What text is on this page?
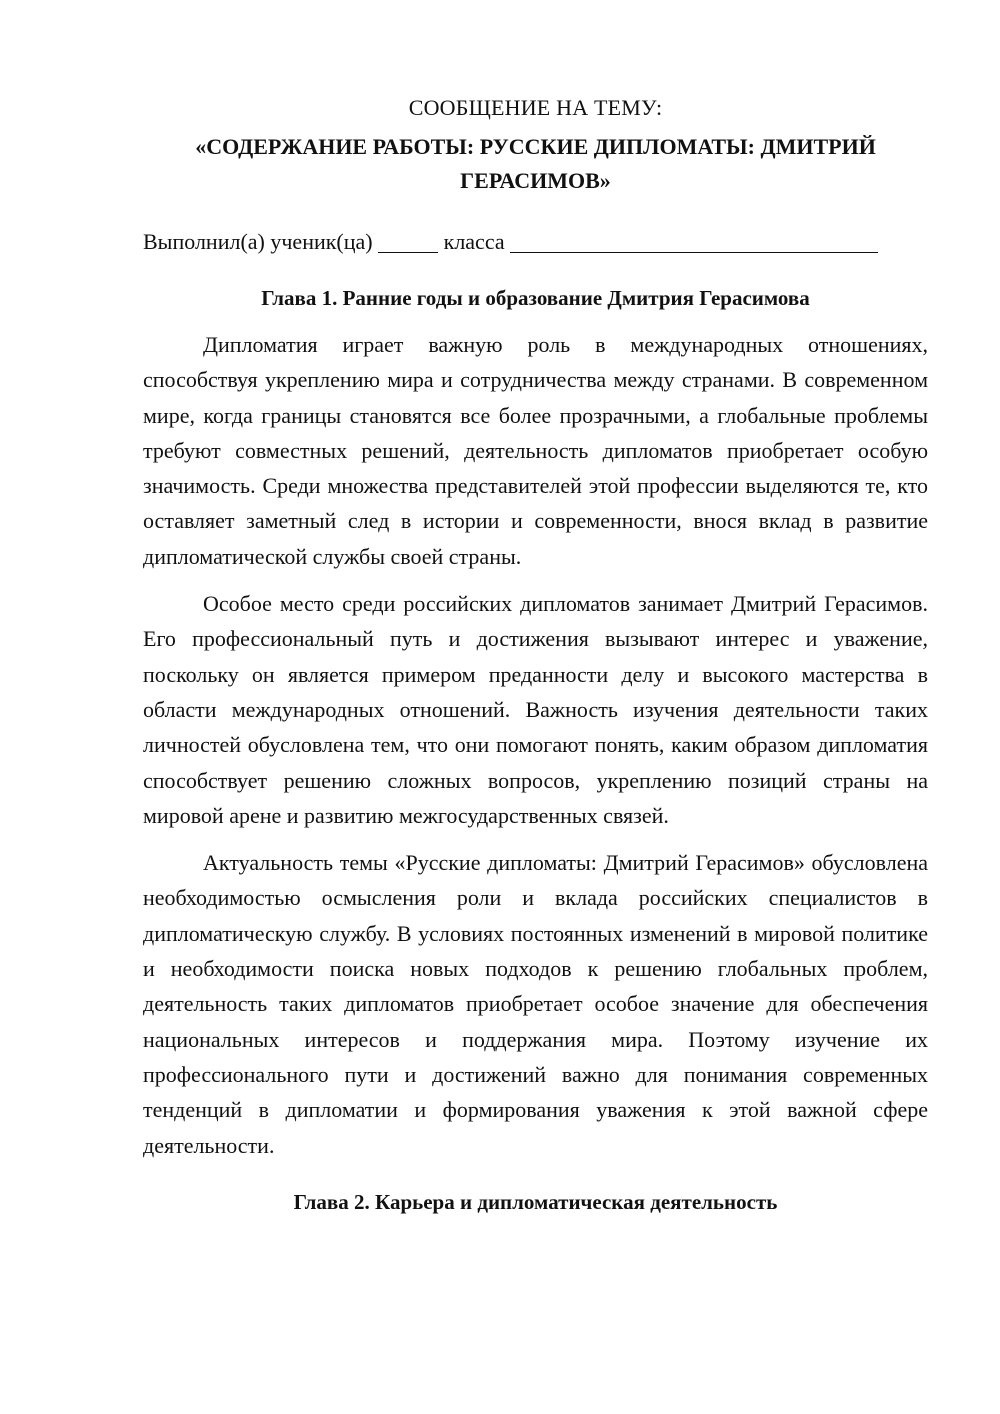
СООБЩЕНИЕ НА ТЕМУ:

«СОДЕРЖАНИЕ РАБОТЫ: РУССКИЕ ДИПЛОМАТЫ: ДМИТРИЙ ГЕРАСИМОВ»

Выполнил(а) ученик(ца)	класса

Глава 1. Ранние годы и образование Дмитрия Герасимова

Дипломатия играет важную роль в международных отношениях, способствуя укреплению мира и сотрудничества между странами. В современном мире, когда границы становятся все более прозрачными, а глобальные проблемы требуют совместных решений, деятельность дипломатов приобретает особую значимость. Среди множества представителей этой профессии выделяются те, кто оставляет заметный след в истории и современности, внося вклад в развитие дипломатической службы своей страны.

Особое место среди российских дипломатов занимает Дмитрий Герасимов. Его профессиональный путь и достижения вызывают интерес и уважение, поскольку он является примером преданности делу и высокого мастерства в области международных отношений. Важность изучения деятельности таких личностей обусловлена тем, что они помогают понять, каким образом дипломатия способствует решению сложных вопросов, укреплению позиций страны на мировой арене и развитию межгосударственных связей.

Актуальность темы «Русские дипломаты: Дмитрий Герасимов» обусловлена необходимостью осмысления роли и вклада российских специалистов в дипломатическую службу. В условиях постоянных изменений в мировой политике и необходимости поиска новых подходов к решению глобальных проблем, деятельность таких дипломатов приобретает особое значение для обеспечения национальных интересов и поддержания мира. Поэтому изучение их профессионального пути и достижений важно для понимания современных тенденций в дипломатии и формирования уважения к этой важной сфере деятельности.

Глава 2. Карьера и дипломатическая деятельность
